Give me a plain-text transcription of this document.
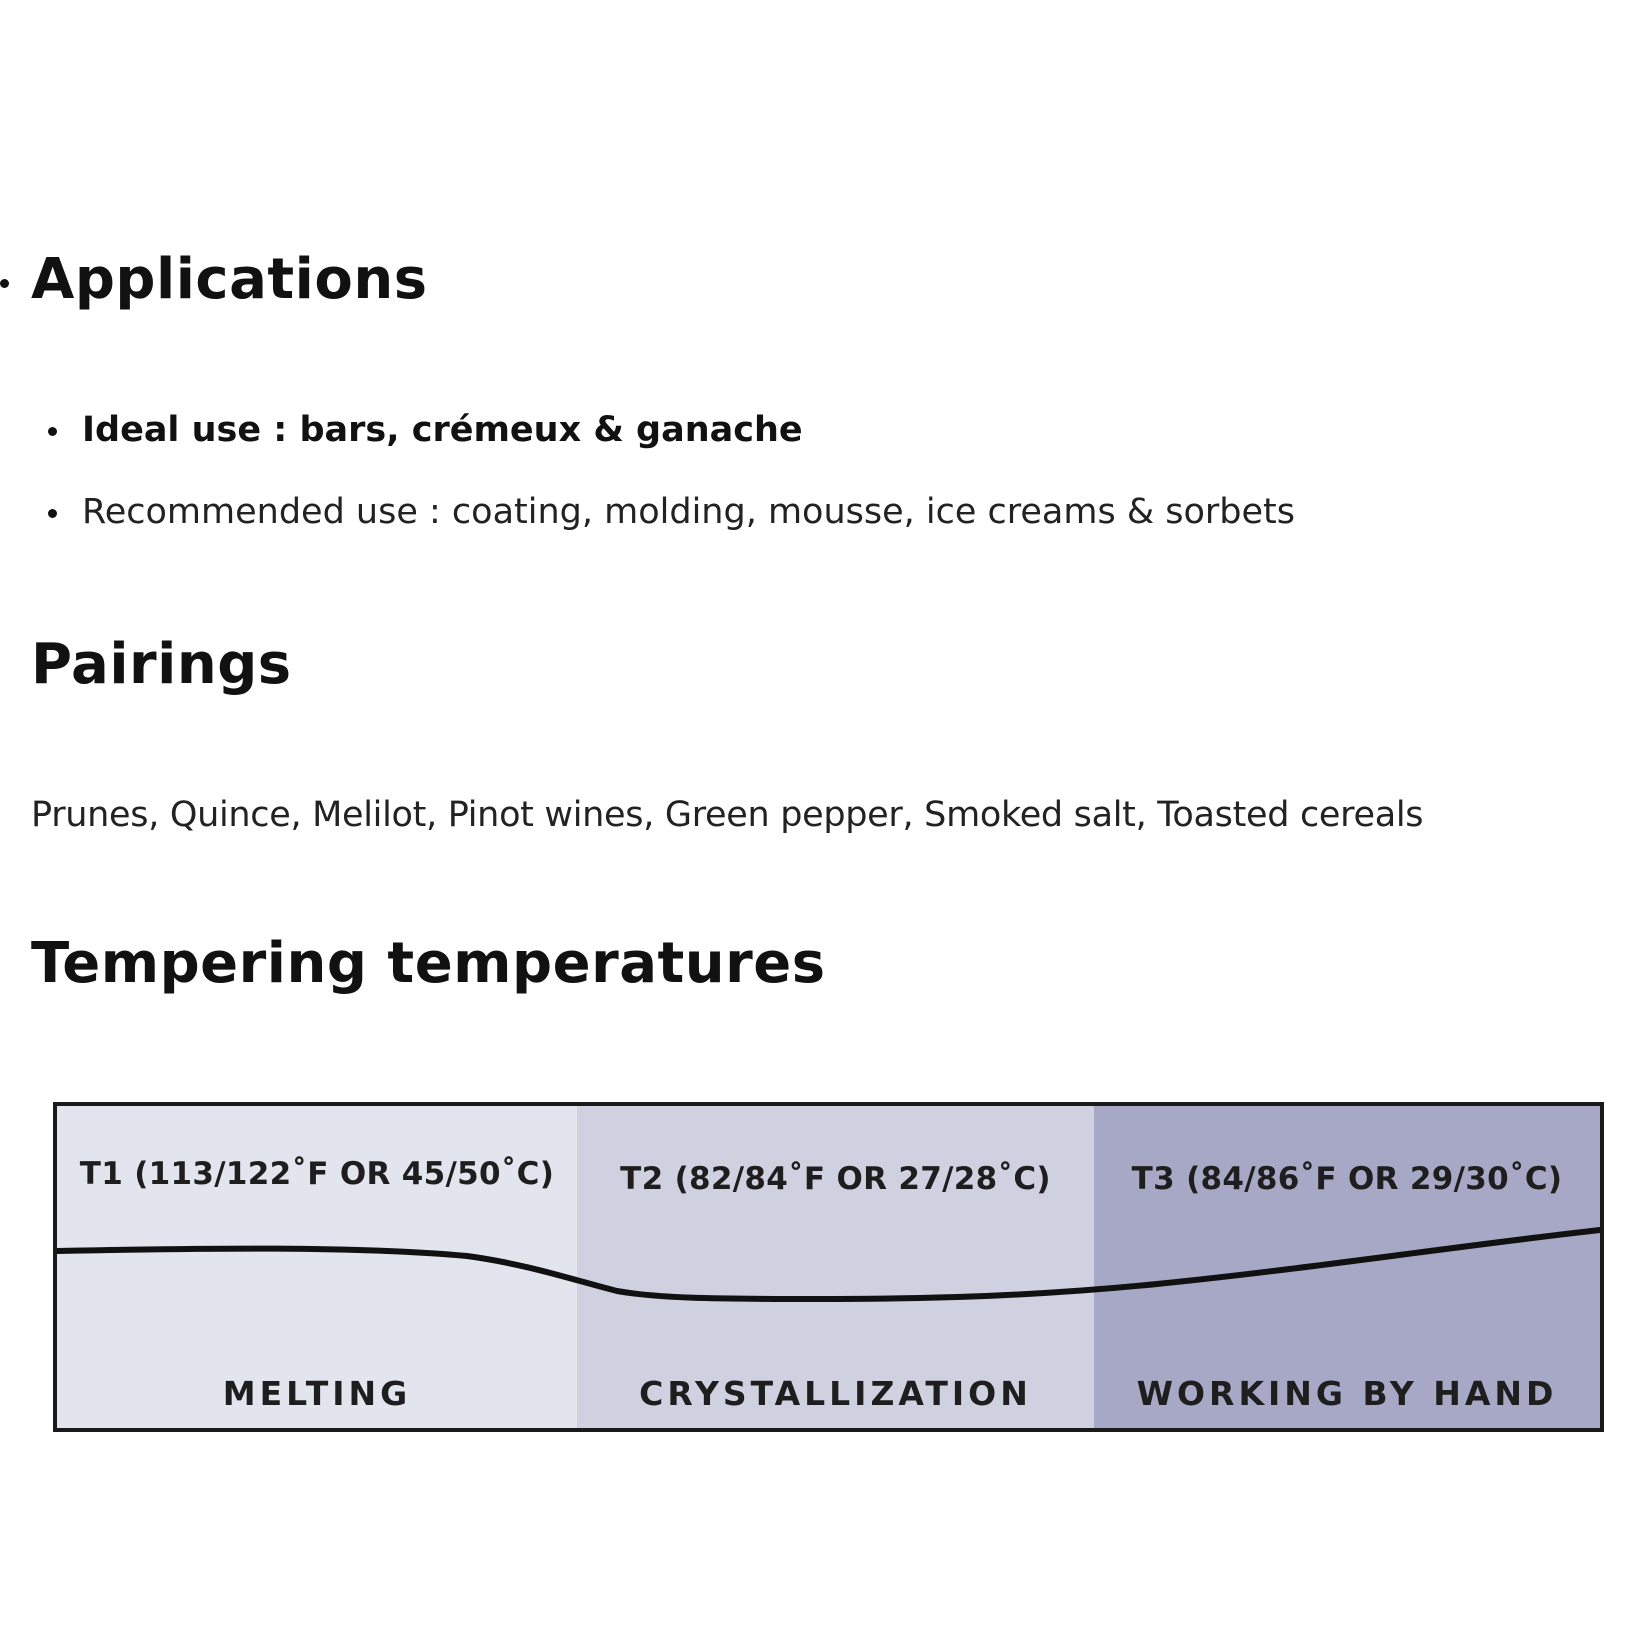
Applications
Ideal use : bars, crémeux & ganache
Recommended use : coating, molding, mousse, ice creams & sorbets
Pairings

Prunes, Quince, Melilot, Pinot wines, Green pepper, Smoked salt, Toasted cereals

Tempering temperatures
T1 (113/122˚F OR 45/50˚C)
MELTING
T2 (82/84˚F OR 27/28˚C)
CRYSTALLIZATION
T3 (84/86˚F OR 29/30˚C)
WORKING BY HAND
